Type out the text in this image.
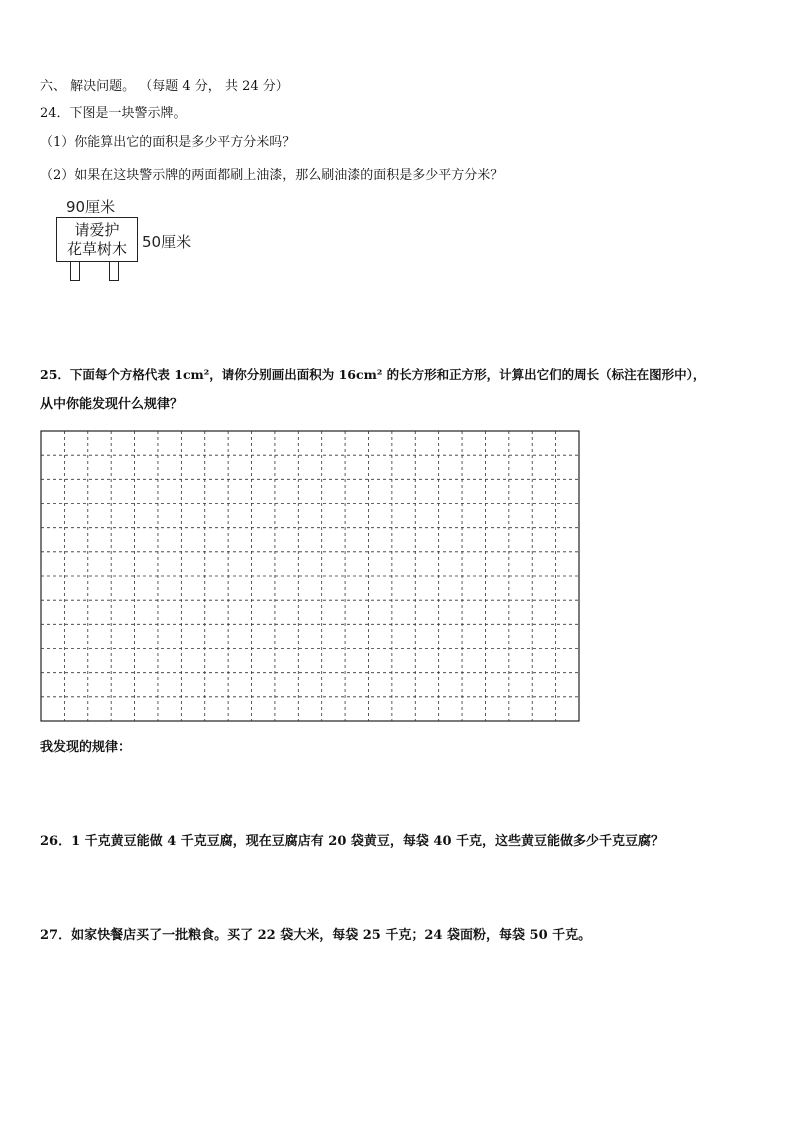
六、 解决问题。 （每题 4 分， 共 24 分）
24．下图是一块警示牌。
（1）你能算出它的面积是多少平方分米吗？
（2）如果在这块警示牌的两面都刷上油漆，那么刷油漆的面积是多少平方分米？
90厘米
请爱护
花草树木	50厘米
25．下面每个方格代表 1cm²，请你分别画出面积为 16cm² 的长方形和正方形，计算出它们的周长（标注在图形中），
从中你能发现什么规律？
我发现的规律：
26．1 千克黄豆能做 4 千克豆腐，现在豆腐店有 20 袋黄豆，每袋 40 千克，这些黄豆能做多少千克豆腐？
27．如家快餐店买了一批粮食。买了 22 袋大米，每袋 25 千克；24 袋面粉，每袋 50 千克。
